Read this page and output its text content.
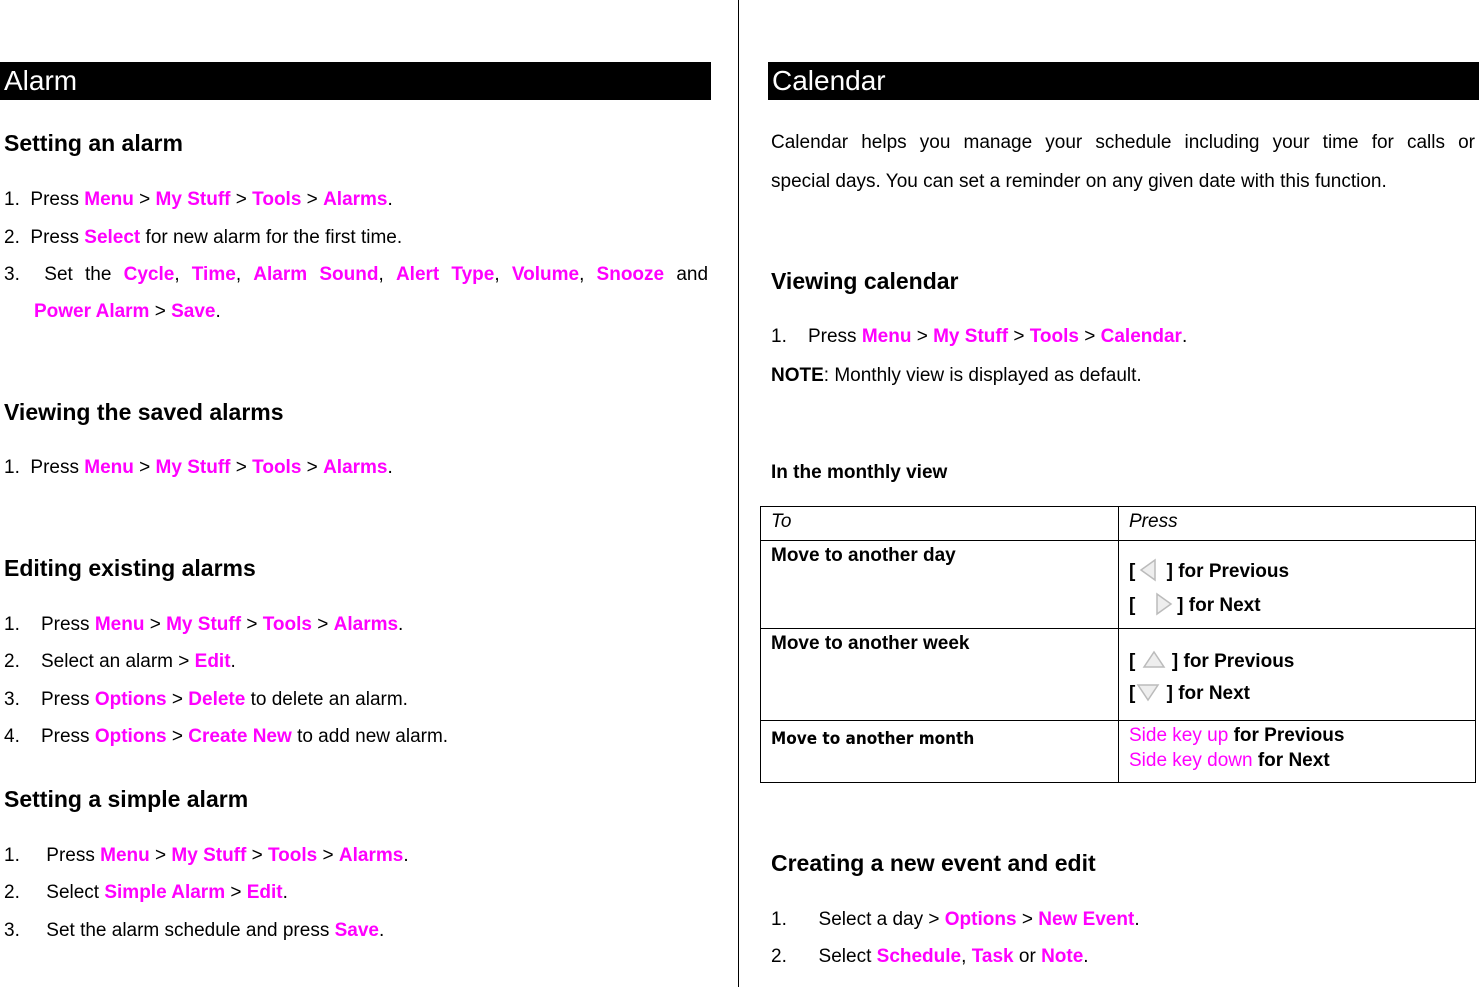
Alarm
Setting an alarm
1. Press Menu > My Stuff > Tools > Alarms.
2. Press Select for new alarm for the first time.
3. Set the Cycle, Time, Alarm Sound, Alert Type, Volume, Snooze and
Power Alarm > Save.
Viewing the saved alarms
1. Press Menu > My Stuff > Tools > Alarms.
Editing existing alarms
1. Press Menu > My Stuff > Tools > Alarms.
2. Select an alarm > Edit.
3. Press Options > Delete to delete an alarm.
4. Press Options > Create New to add new alarm.
Setting a simple alarm
1. Press Menu > My Stuff > Tools > Alarms.
2. Select Simple Alarm > Edit.
3. Set the alarm schedule and press Save.
Calendar
Calendar helps you manage your schedule including your time for calls or
special days. You can set a reminder on any given date with this function.
Viewing calendar
1. Press Menu > My Stuff > Tools > Calendar.
NOTE: Monthly view is displayed as default.
In the monthly view
To	Press
Move to another day	[ ] for Previous
[   ] for Next

Move to another week	[  ] for Previous
[ ] for Next

Move to another month	Side key up for Previous
Side key down for Next
Creating a new event and edit
1. Select a day > Options > New Event.
2. Select Schedule, Task or Note.
